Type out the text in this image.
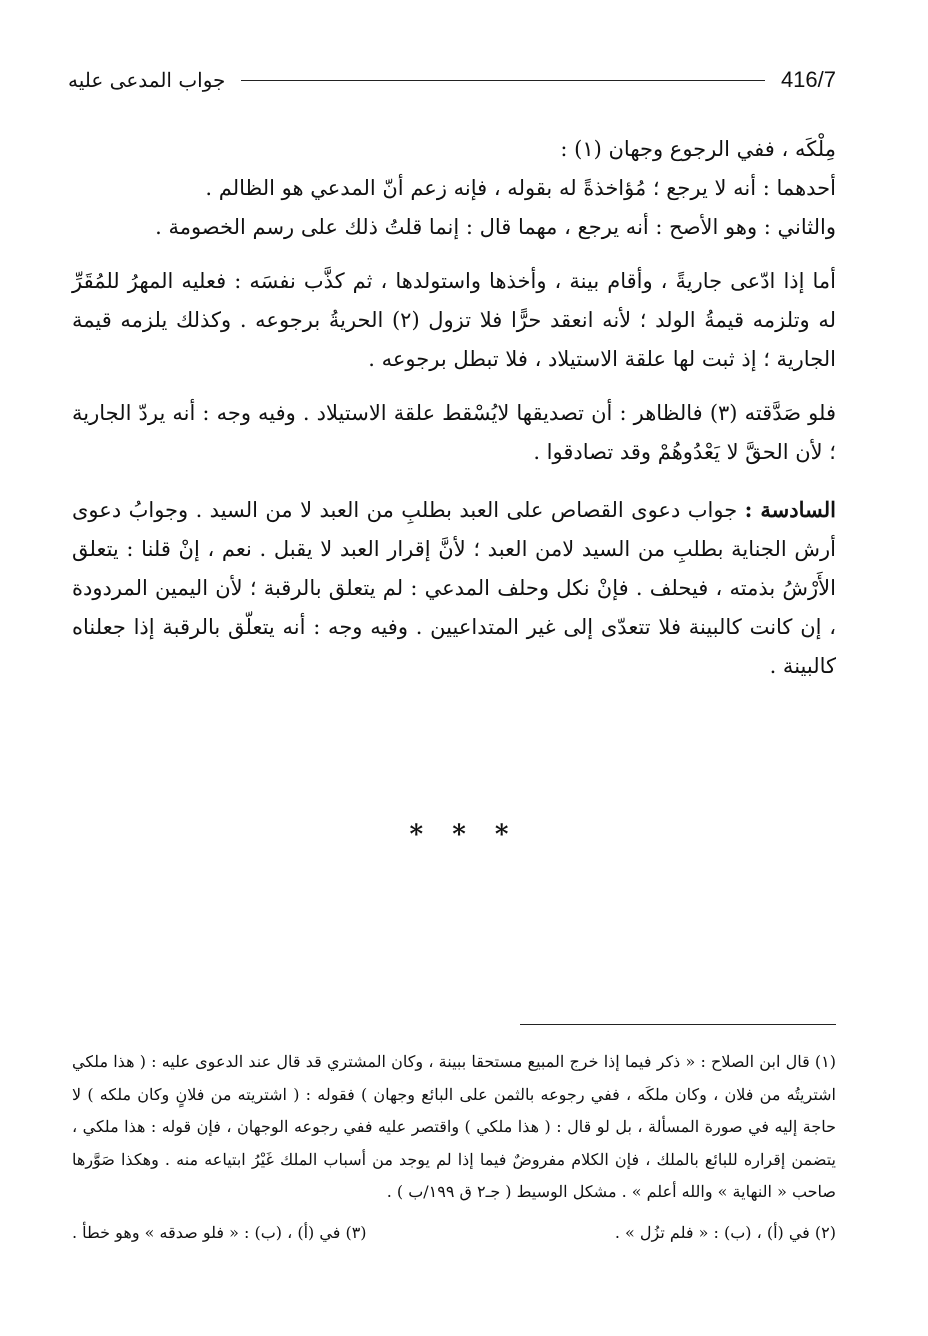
416/7
جواب المدعى عليه

مِلْكَه ، ففي الرجوع وجهان (١) :

أحدهما : أنه لا يرجع ؛ مُؤاخذةً له بقوله ، فإنه زعم أنّ المدعي هو الظالم .

والثاني : وهو الأصح : أنه يرجع ، مهما قال : إنما قلتُ ذلك على رسم الخصومة .

أما إذا ادّعى جاريةً ، وأقام بينة ، وأخذها واستولدها ، ثم كذَّب نفسَه : فعليه المهرُ للمُقَرِّ له وتلزمه قيمةُ الولد ؛ لأنه انعقد حرًّا فلا تزول (٢) الحريةُ برجوعه . وكذلك يلزمه قيمة الجارية ؛ إذ ثبت لها علقة الاستيلاد ، فلا تبطل برجوعه .

فلو صَدَّقته (٣) فالظاهر : أن تصديقها لايُسْقط علقة الاستيلاد . وفيه وجه : أنه يردّ الجارية ؛ لأن الحقَّ لا يَعْدُوهُمْ وقد تصادقوا .

السادسة : جواب دعوى القصاص على العبد بطلبِ من العبد لا من السيد . وجوابُ دعوى أرش الجناية بطلبِ من السيد لامن العبد ؛ لأنَّ إقرار العبد لا يقبل . نعم ، إنْ قلنا : يتعلق الأَرْشُ بذمته ، فيحلف . فإنْ نكل وحلف المدعي : لم يتعلق بالرقبة ؛ لأن اليمين المردودة ، إن كانت كالبينة فلا تتعدّى إلى غير المتداعيين . وفيه وجه : أنه يتعلّق بالرقبة إذا جعلناه كالبينة .

* * *

(١) قال ابن الصلاح : « ذكر فيما إذا خرج المبيع مستحقا ببينة ، وكان المشتري قد قال عند الدعوى عليه : ( هذا ملكي اشتريتُه من فلان ، وكان ملكَه ، ففي رجوعه بالثمن على البائع وجهان ) فقوله : ( اشتريته من فلانٍ وكان ملكه ) لا حاجة إليه في صورة المسألة ، بل لو قال : ( هذا ملكي ) واقتصر عليه ففي رجوعه الوجهان ، فإن قوله : هذا ملكي ، يتضمن إقراره للبائع بالملك ، فإن الكلام مفروضٌ فيما إذا لم يوجد من أسباب الملك غَيْرُ ابتياعه منه . وهكذا صَوَّرها صاحب « النهاية » والله أعلم » . مشكل الوسيط ( جـ٢ ق ١٩٩/ب ) .

(٢) في (أ) ، (ب) : « فلم تزُل » .

(٣) في (أ) ، (ب) : « فلو صدقه » وهو خطأ .
